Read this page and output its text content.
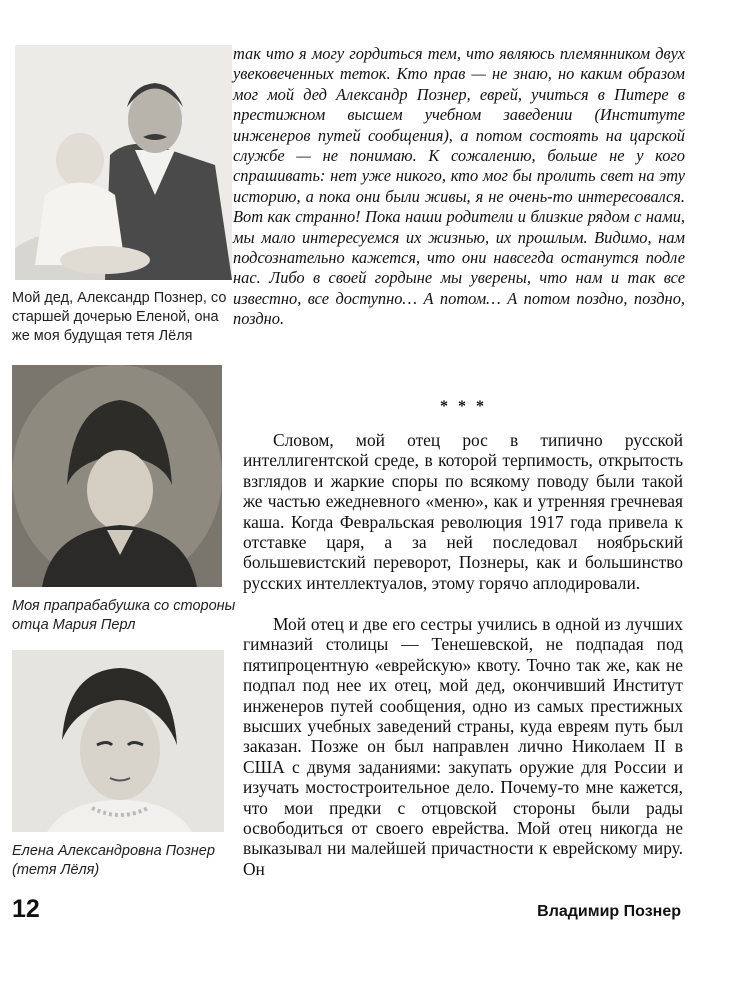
Мой дед, Александр Познер, со старшей дочерью Еленой, она же моя будущая тетя Лёля

так что я могу гордиться тем, что являюсь племянником двух увековеченных теток. Кто прав — не знаю, но каким образом мог мой дед Александр Познер, еврей, учиться в Питере в престижном высшем учебном заведении (Институте инженеров путей сообщения), а потом состоять на царской службе — не понимаю. К сожалению, больше не у кого спрашивать: нет уже никого, кто мог бы пролить свет на эту историю, а пока они были живы, я не очень-то интересовался. Вот как странно! Пока наши родители и близкие рядом с нами, мы мало интересуемся их жизнью, их прошлым. Видимо, нам подсознательно кажется, что они навсегда останутся подле нас. Либо в своей гордыне мы уверены, что нам и так все известно, все доступно… А потом… А потом поздно, поздно, поздно.

Моя прапрабабушка со стороны отца Мария Перл
Елена Александровна Познер (тетя Лёля)
* * *

Словом, мой отец рос в типично русской интеллигентской среде, в которой терпимость, открытость взглядов и жаркие споры по всякому поводу были такой же частью ежедневного «меню», как и утренняя гречневая каша. Когда Февральская революция 1917 года привела к отставке царя, а за ней последовал ноябрьский большевистский переворот, Познеры, как и большинство русских интеллектуалов, этому горячо аплодировали.

Мой отец и две его сестры учились в одной из лучших гимназий столицы — Тенешевской, не подпадая под пятипроцентную «еврейскую» квоту. Точно так же, как не подпал под нее их отец, мой дед, окончивший Институт инженеров путей сообщения, одно из самых престижных высших учебных заведений страны, куда евреям путь был заказан. Позже он был направлен лично Николаем II в США с двумя заданиями: закупать оружие для России и изучать мостостроительное дело. Почему-то мне кажется, что мои предки с отцовской стороны были рады освободиться от своего еврейства. Мой отец никогда не выказывал ни малейшей причастности к еврейскому миру. Он

12	Владимир Познер
